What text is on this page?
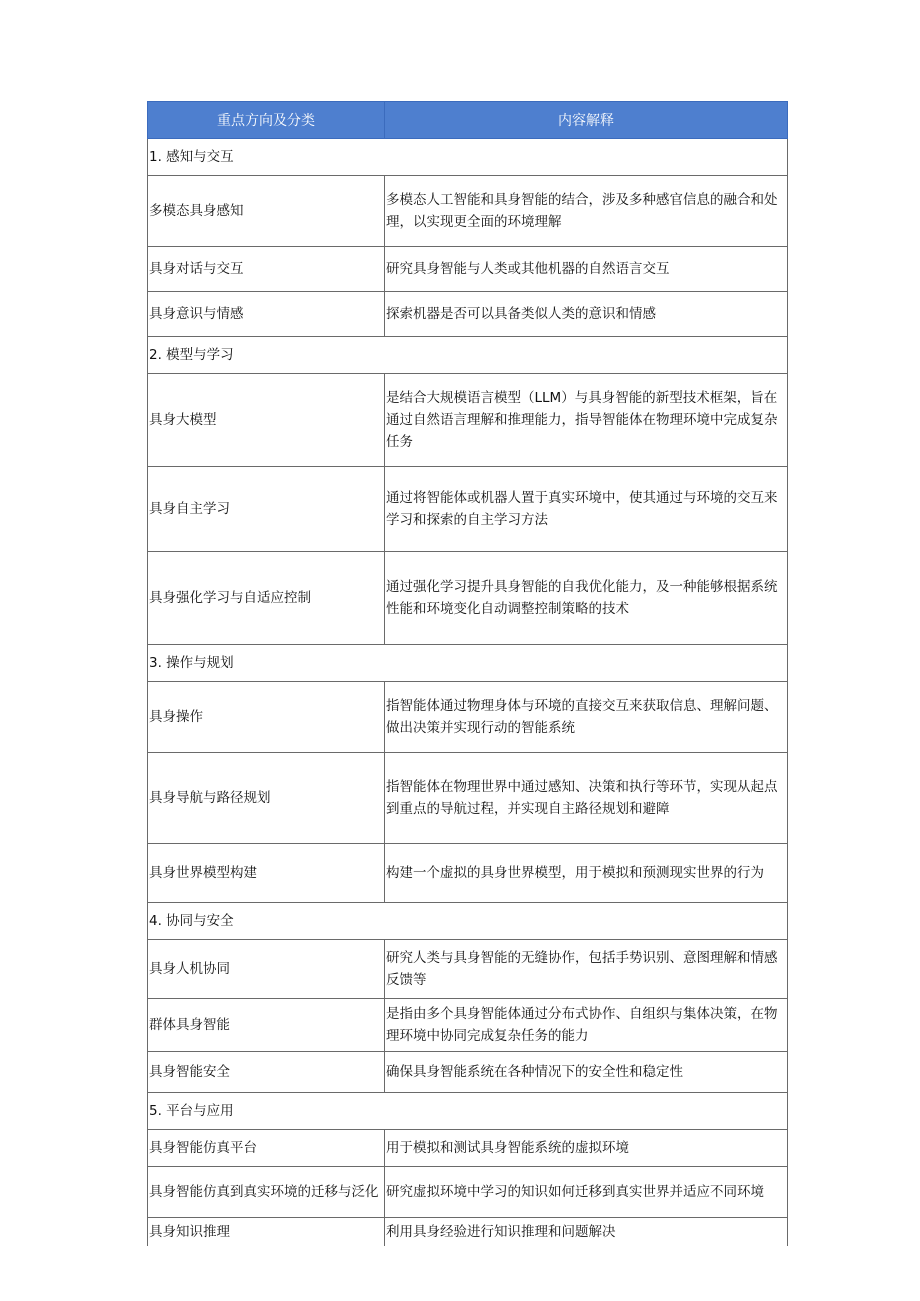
重点方向及分类	内容解释
1. 感知与交互	
多模态具身感知	多模态人工智能和具身智能的结合，涉及多种感官信息的融合和处理，以实现更全面的环境理解
具身对话与交互	研究具身智能与人类或其他机器的自然语言交互
具身意识与情感	探索机器是否可以具备类似人类的意识和情感
2. 模型与学习	
具身大模型	是结合大规模语言模型（LLM）与具身智能的新型技术框架，旨在通过自然语言理解和推理能力，指导智能体在物理环境中完成复杂任务
具身自主学习	通过将智能体或机器人置于真实环境中，使其通过与环境的交互来学习和探索的自主学习方法
具身强化学习与自适应控制	通过强化学习提升具身智能的自我优化能力，及一种能够根据系统性能和环境变化自动调整控制策略的技术
3. 操作与规划	
具身操作	指智能体通过物理身体与环境的直接交互来获取信息、理解问题、做出决策并实现行动的智能系统
具身导航与路径规划	指智能体在物理世界中通过感知、决策和执行等环节，实现从起点到重点的导航过程，并实现自主路径规划和避障
具身世界模型构建	构建一个虚拟的具身世界模型，用于模拟和预测现实世界的行为
4. 协同与安全	
具身人机协同	研究人类与具身智能的无缝协作，包括手势识别、意图理解和情感反馈等
群体具身智能	是指由多个具身智能体通过分布式协作、自组织与集体决策，在物理环境中协同完成复杂任务的能力
具身智能安全	确保具身智能系统在各种情况下的安全性和稳定性
5. 平台与应用	
具身智能仿真平台	用于模拟和测试具身智能系统的虚拟环境
具身智能仿真到真实环境的迁移与泛化	研究虚拟环境中学习的知识如何迁移到真实世界并适应不同环境
具身知识推理	利用具身经验进行知识推理和问题解决
